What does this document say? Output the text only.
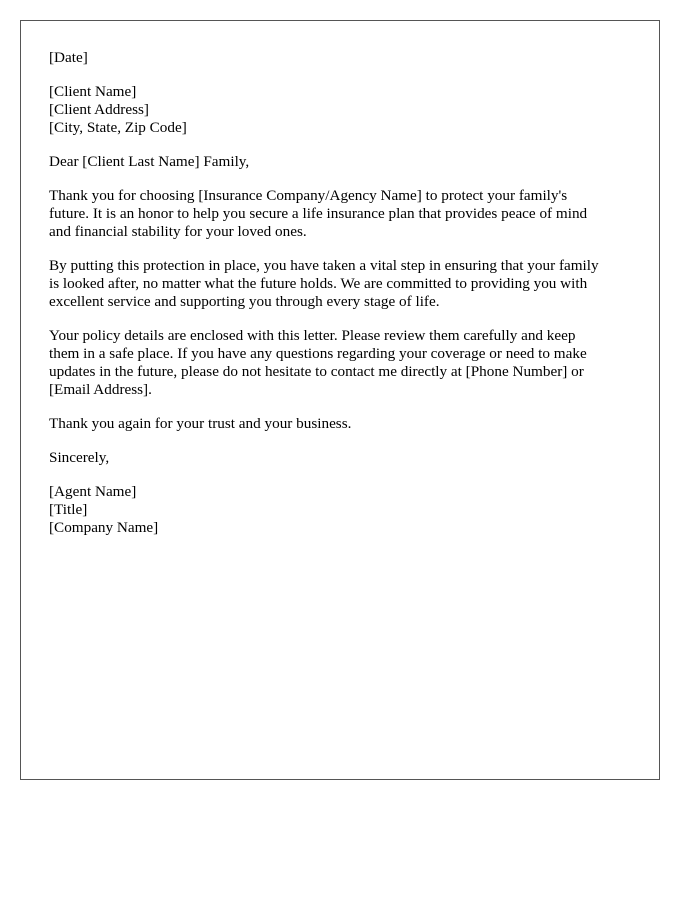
[Date]
[Client Name]
[Client Address]
[City, State, Zip Code]
Dear [Client Last Name] Family,
Thank you for choosing [Insurance Company/Agency Name] to protect your family's
future. It is an honor to help you secure a life insurance plan that provides peace of mind
and financial stability for your loved ones.
By putting this protection in place, you have taken a vital step in ensuring that your family
is looked after, no matter what the future holds. We are committed to providing you with
excellent service and supporting you through every stage of life.
Your policy details are enclosed with this letter. Please review them carefully and keep
them in a safe place. If you have any questions regarding your coverage or need to make
updates in the future, please do not hesitate to contact me directly at [Phone Number] or
[Email Address].
Thank you again for your trust and your business.
Sincerely,
[Agent Name]
[Title]
[Company Name]
